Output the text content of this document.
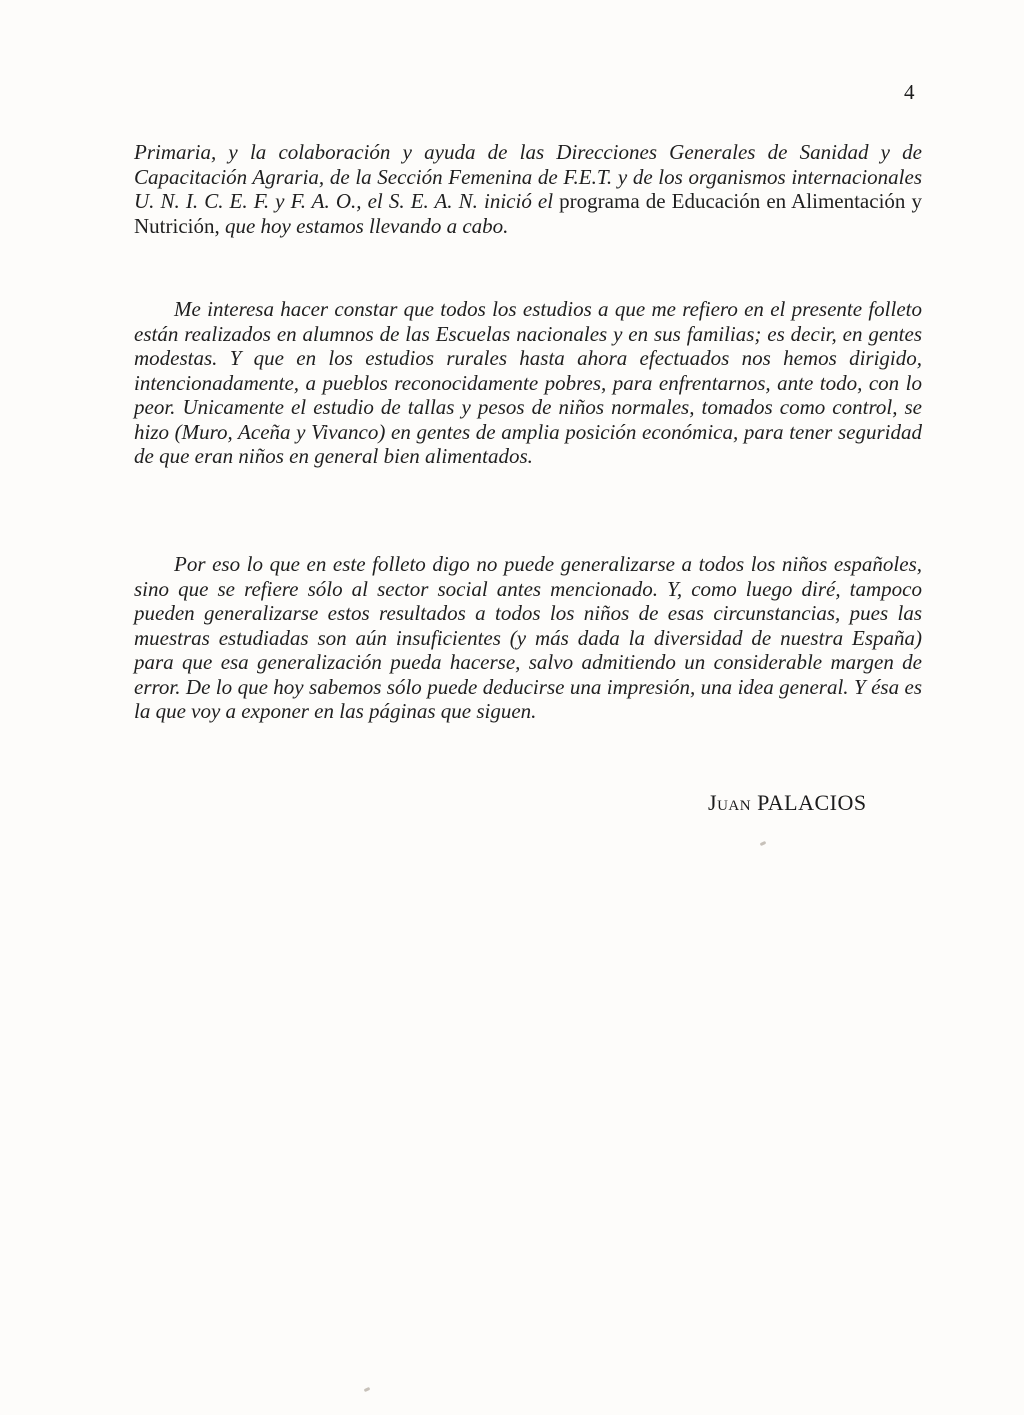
4

Primaria, y la colaboración y ayuda de las Direcciones Generales de Sanidad y de Capacitación Agraria, de la Sección Femenina de F.E.T. y de los organismos internacionales U. N. I. C. E. F. y F. A. O., el S. E. A. N. inició el programa de Educación en Alimentación y Nutrición, que hoy estamos llevando a cabo.

Me interesa hacer constar que todos los estudios a que me refiero en el presente folleto están realizados en alumnos de las Escuelas nacionales y en sus familias; es decir, en gentes modestas. Y que en los estudios rurales hasta ahora efectuados nos hemos dirigido, intencionadamente, a pueblos reconocidamente pobres, para enfrentarnos, ante todo, con lo peor. Unicamente el estudio de tallas y pesos de niños normales, tomados como control, se hizo (Muro, Aceña y Vivanco) en gentes de amplia posición económica, para tener seguridad de que eran niños en general bien alimentados.

Por eso lo que en este folleto digo no puede generalizarse a todos los niños españoles, sino que se refiere sólo al sector social antes mencionado. Y, como luego diré, tampoco pueden generalizarse estos resultados a todos los niños de esas circunstancias, pues las muestras estudiadas son aún insuficientes (y más dada la diversidad de nuestra España) para que esa generalización pueda hacerse, salvo admitiendo un considerable margen de error. De lo que hoy sabemos sólo puede deducirse una impresión, una idea general. Y ésa es la que voy a exponer en las páginas que siguen.

JUAN PALACIOS
